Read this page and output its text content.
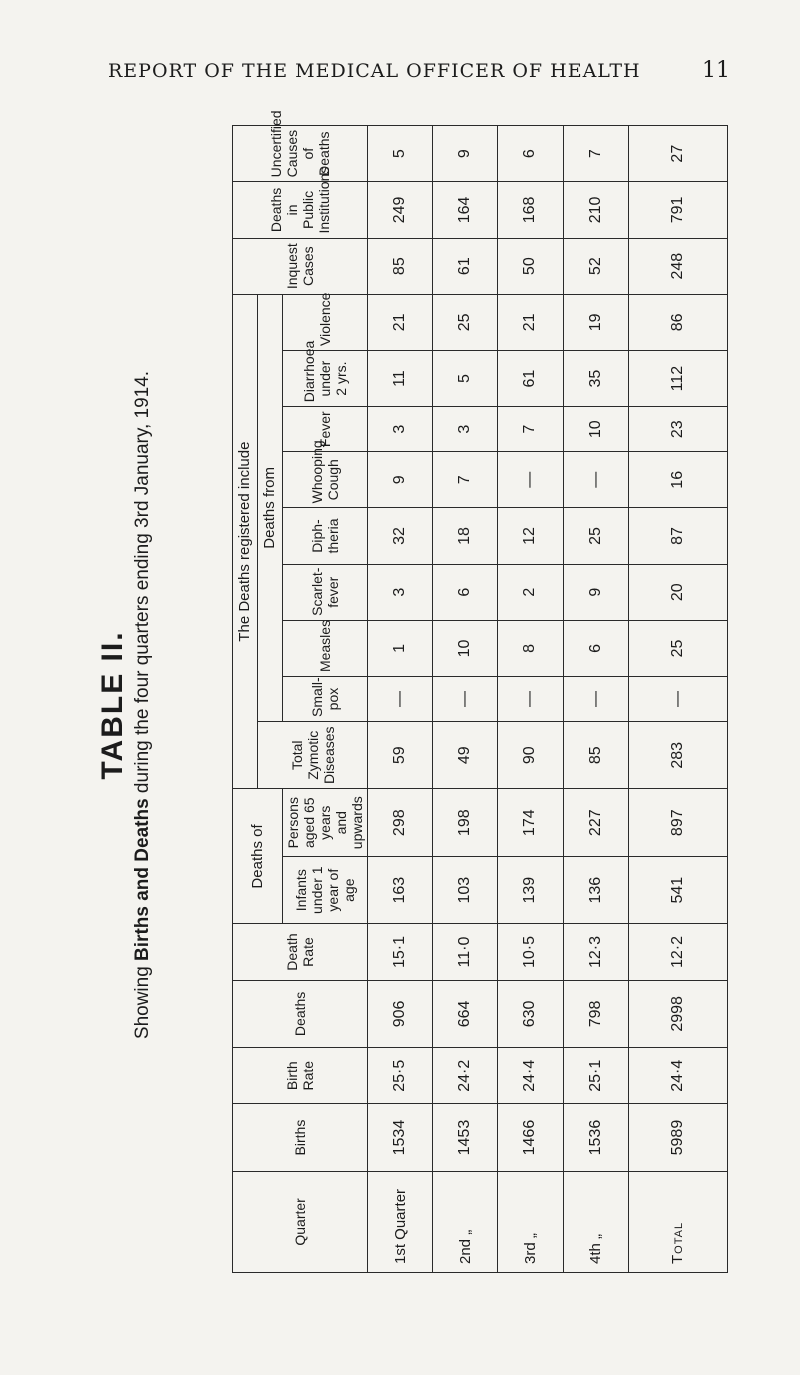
REPORT OF THE MEDICAL OFFICER OF HEALTH	11
TABLE II.
Showing Births and Deaths during the four quarters ending 3rd January, 1914.
Quarter	Births	Birth Rate	Deaths	Death Rate	Deaths of		The Deaths registered include									Inquest Cases	Deaths in Public Institutions	Uncertified Causes of Deaths
							Total Zymotic Diseases	Deaths from										
					Infants under 1 year of age	Persons aged 65 years and upwards		Small-pox	Measles	Scarlet-fever	Diph-theria	Whooping Cough	Fever	Diarrhoea under 2 yrs.	Violence			
1st Quarter	1534	25·5	906	15·1	163	298	59	—	1	3	32	9	3	11	21	85	249	5
2nd „	1453	24·2	664	11·0	103	198	49	—	10	6	18	7	3	5	25	61	164	9
3rd „	1466	24·4	630	10·5	139	174	90	—	8	2	12	—	7	61	21	50	168	6
4th „	1536	25·1	798	12·3	136	227	85	—	6	9	25	—	10	35	19	52	210	7
Total	5989	24·4	2998	12·2	541	897	283	—	25	20	87	16	23	112	86	248	791	27
